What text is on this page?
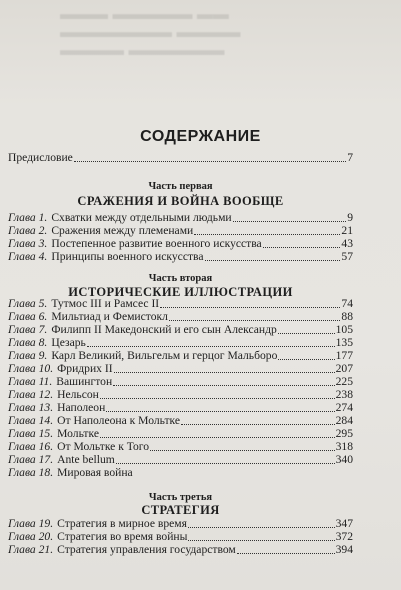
▬▬ ▬▬▬▬▬ ▬▬▬
▬▬▬▬ ▬▬▬▬▬▬▬
▬▬▬▬▬▬ ▬▬▬▬
СОДЕРЖАНИЕ
Предисловие	7
Часть первая
СРАЖЕНИЯ И ВОЙНА ВООБЩЕ
Глава 1. Схватки между отдельными людьми	9
Глава 2. Сражения между племенами	21
Глава 3. Постепенное развитие военного искусства	43
Глава 4. Принципы военного искусства	57
Часть вторая
ИСТОРИЧЕСКИЕ ИЛЛЮСТРАЦИИ
Глава 5. Тутмос III и Рамсес II	74
Глава 6. Мильтиад и Фемистокл	88
Глава 7. Филипп II Македонский и его сын Александр	105
Глава 8. Цезарь	135
Глава 9. Карл Великий, Вильгельм и герцог Мальборо	177
Глава 10. Фридрих II	207
Глава 11. Вашингтон	225
Глава 12. Нельсон	238
Глава 13. Наполеон	274
Глава 14. От Наполеона к Мольтке	284
Глава 15. Мольтке	295
Глава 16. От Мольтке к Того	318
Глава 17. Ante bellum	340
Глава 18. Мировая война
Часть третья
СТРАТЕГИЯ
Глава 19. Стратегия в мирное время	347
Глава 20. Стратегия во время войны	372
Глава 21. Стратегия управления государством	394
